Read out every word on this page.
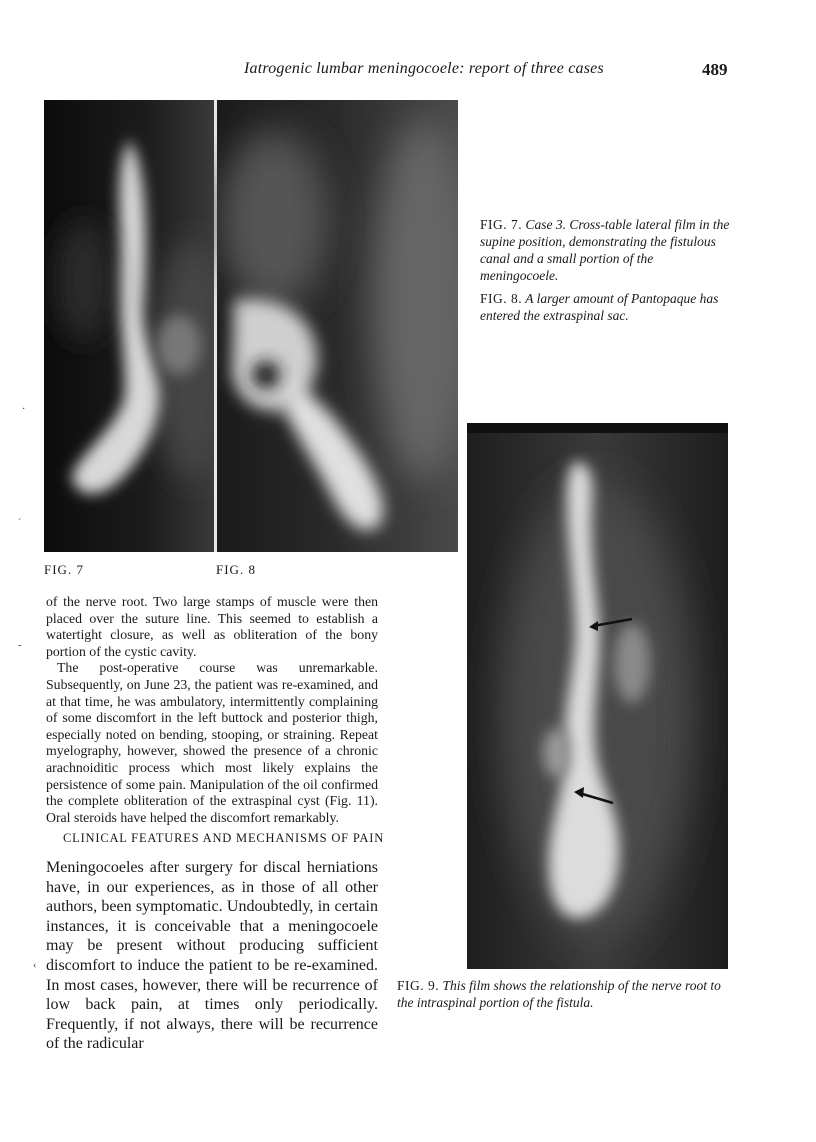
Iatrogenic lumbar meningocoele: report of three cases	489
FIG. 7	FIG. 8
FIG. 7. Case 3. Cross-table lateral film in the supine position, demonstrating the fistulous canal and a small portion of the meningocoele.
FIG. 8. A larger amount of Pantopaque has entered the extraspinal sac.
FIG. 9. This film shows the relationship of the nerve root to the intraspinal portion of the fistula.
·
´
-
‹

of the nerve root. Two large stamps of muscle were then placed over the suture line. This seemed to establish a watertight closure, as well as obliteration of the bony portion of the cystic cavity.

The post-operative course was unremarkable. Subsequently, on June 23, the patient was re-examined, and at that time, he was ambulatory, intermittently complaining of some discomfort in the left buttock and posterior thigh, especially noted on bending, stooping, or straining. Repeat myelography, however, showed the presence of a chronic arachnoiditic process which most likely explains the persistence of some pain. Manipulation of the oil confirmed the complete obliteration of the extraspinal cyst (Fig. 11). Oral steroids have helped the discomfort remarkably.

CLINICAL FEATURES AND MECHANISMS OF PAIN

Meningocoeles after surgery for discal herniations have, in our experiences, as in those of all other authors, been symptomatic. Undoubtedly, in certain instances, it is conceivable that a meningocoele may be present without producing sufficient discomfort to induce the patient to be re-examined. In most cases, however, there will be recurrence of low back pain, at times only periodically. Frequently, if not always, there will be recurrence of the radicular
